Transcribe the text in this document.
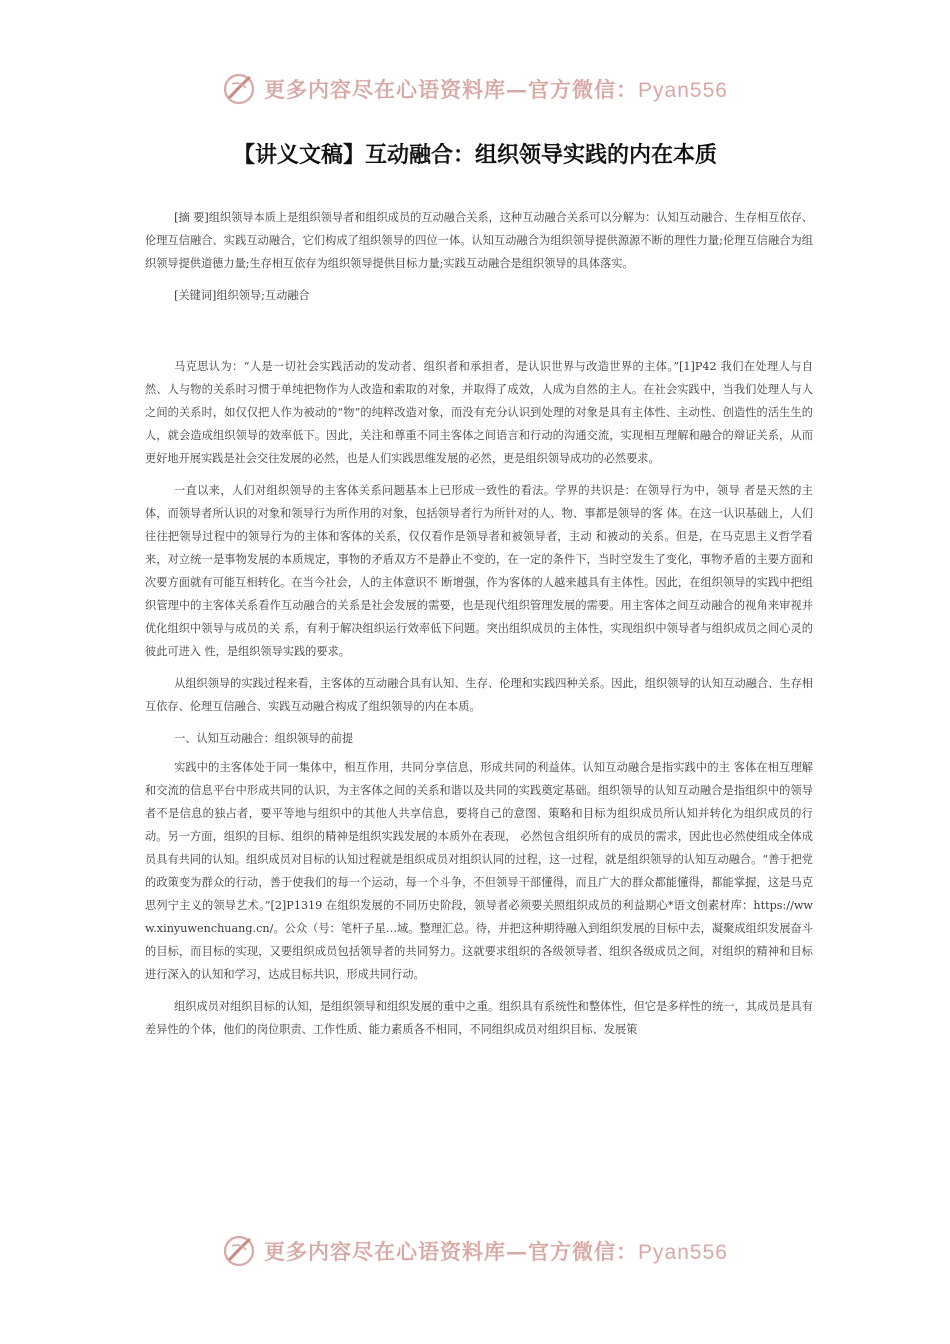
更多内容尽在心语资料库—官方微信：Pyan556
【讲义文稿】互动融合：组织领导实践的内在本质

[摘 要]组织领导本质上是组织领导者和组织成员的互动融合关系，这种互动融合关系可以分解为：认知互动融合、生存相互依存、伦理互信融合、实践互动融合，它们构成了组织领导的四位一体。认知互动融合为组织领导提供源源不断的理性力量;伦理互信融合为组织领导提供道德力量;生存相互依存为组织领导提供目标力量;实践互动融合是组织领导的具体落实。

[关键词]组织领导;互动融合

马克思认为：“人是一切社会实践活动的发动者、组织者和承担者，是认识世界与改造世界的主体。”[1]P42 我们在处理人与自然、人与物的关系时习惯于单纯把物作为人改造和索取的对象，并取得了成效，人成为自然的主人。在社会实践中，当我们处理人与人之间的关系时，如仅仅把人作为被动的“物”的纯粹改造对象，而没有充分认识到处理的对象是具有主体性、主动性、创造性的活生生的人，就会造成组织领导的效率低下。因此，关注和尊重不同主客体之间语言和行动的沟通交流，实现相互理解和融合的辩证关系，从而更好地开展实践是社会交往发展的必然，也是人们实践思维发展的必然，更是组织领导成功的必然要求。

一直以来，人们对组织领导的主客体关系问题基本上已形成一致性的看法。学界的共识是：在领导行为中，领导 者是天然的主体，而领导者所认识的对象和领导行为所作用的对象，包括领导者行为所针对的人、物、事都是领导的客 体。在这一认识基础上，人们往往把领导过程中的领导行为的主体和客体的关系，仅仅看作是领导者和被领导者，主动 和被动的关系。但是，在马克思主义哲学看来，对立统一是事物发展的本质规定，事物的矛盾双方不是静止不变的，在一定的条件下，当时空发生了变化，事物矛盾的主要方面和次要方面就有可能互相转化。在当今社会，人的主体意识不 断增强，作为客体的人越来越具有主体性。因此，在组织领导的实践中把组织管理中的主客体关系看作互动融合的关系是社会发展的需要，也是现代组织管理发展的需要。用主客体之间互动融合的视角来审视并优化组织中领导与成员的关 系，有利于解决组织运行效率低下问题。突出组织成员的主体性，实现组织中领导者与组织成员之间心灵的彼此可进入 性，是组织领导实践的要求。

从组织领导的实践过程来看，主客体的互动融合具有认知、生存、伦理和实践四种关系。因此，组织领导的认知互动融合、生存相互依存、伦理互信融合、实践互动融合构成了组织领导的内在本质。

一、认知互动融合：组织领导的前提

实践中的主客体处于同一集体中，相互作用，共同分享信息，形成共同的利益体。认知互动融合是指实践中的主 客体在相互理解和交流的信息平台中形成共同的认识，为主客体之间的关系和谐以及共同的实践奠定基础。组织领导的认知互动融合是指组织中的领导者不是信息的独占者，要平等地与组织中的其他人共享信息，要将自己的意图、策略和目标为组织成员所认知并转化为组织成员的行动。另一方面，组织的目标、组织的精神是组织实践发展的本质外在表现， 必然包含组织所有的成员的需求，因此也必然使组成全体成员具有共同的认知。组织成员对目标的认知过程就是组织成员对组织认同的过程，这一过程，就是组织领导的认知互动融合。“善于把党的政策变为群众的行动，善于使我们的每一个运动，每一个斗争，不但领导干部懂得，而且广大的群众都能懂得，都能掌握，这是马克思列宁主义的领导艺术。”[2]P1319 在组织发展的不同历史阶段，领导者必须要关照组织成员的利益期心*语文创素材库：https://www.xinyuwenchuang.cn/。公众（号：笔杆子星…域。整理汇总。待，并把这种期待融入到组织发展的目标中去，凝聚成组织发展奋斗的目标，而目标的实现，又要组织成员包括领导者的共同努力。这就要求组织的各级领导者、组织各级成员之间，对组织的精神和目标进行深入的认知和学习，达成目标共识，形成共同行动。

组织成员对组织目标的认知，是组织领导和组织发展的重中之重。组织具有系统性和整体性，但它是多样性的统一，其成员是具有差异性的个体，他们的岗位职责、工作性质、能力素质各不相同，不同组织成员对组织目标、发展策

更多内容尽在心语资料库—官方微信：Pyan556
